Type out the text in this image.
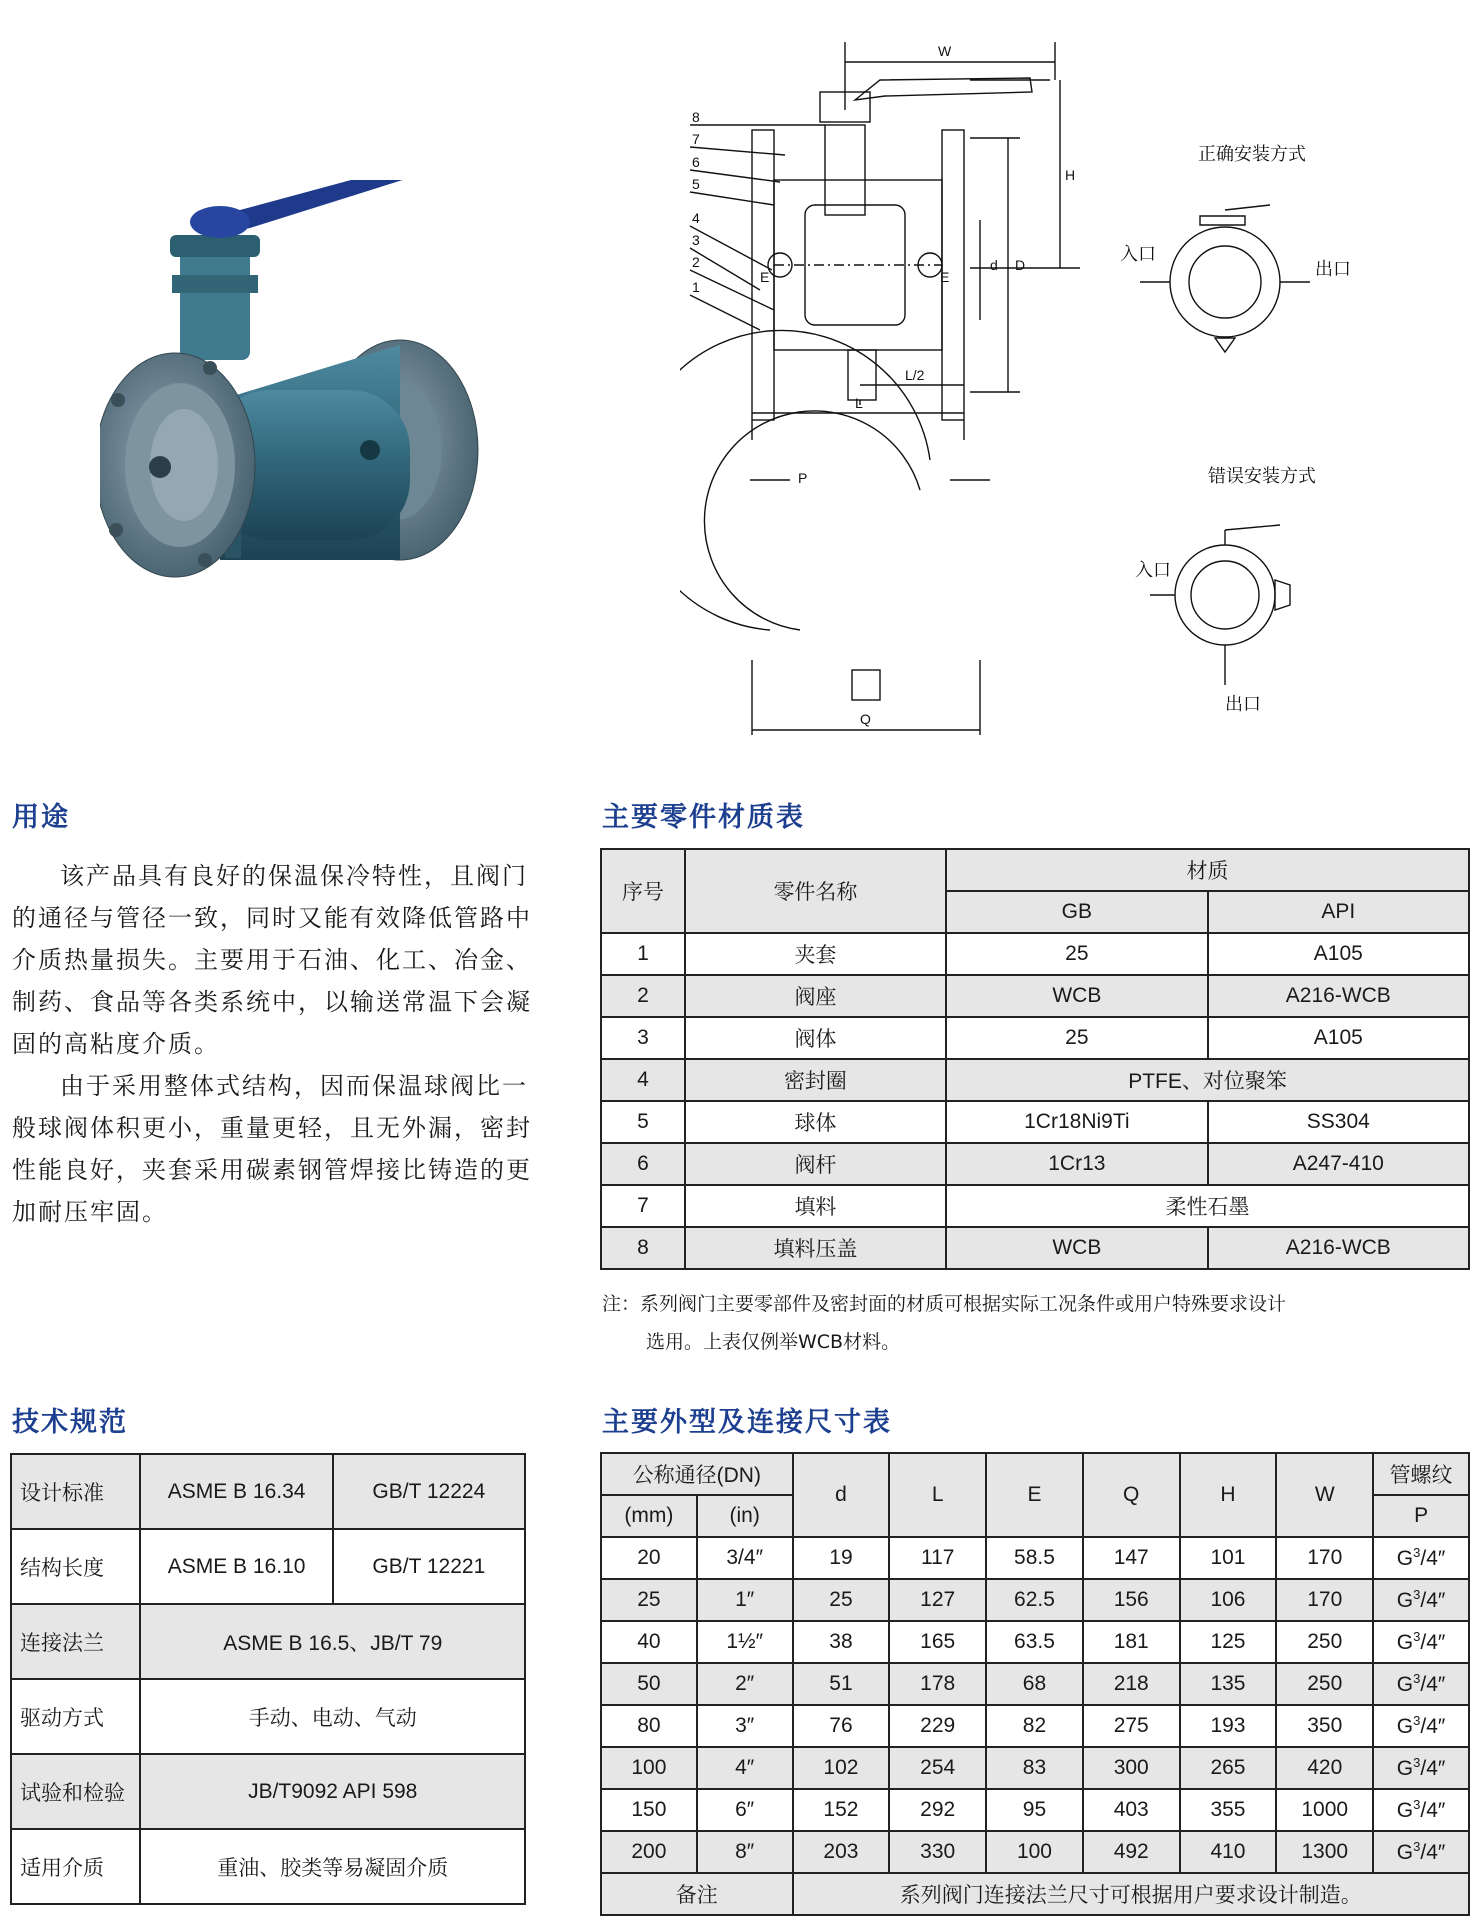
W
H
d D
E	E
L/2
L
Q
P
8
7
6
5
4
3
2
1
正确安装方式
入口
出口
错误安装方式
入口
出口
用途

该产品具有良好的保温保冷特性，且阀门的通径与管径一致，同时又能有效降低管路中介质热量损失。主要用于石油、化工、冶金、制药、食品等各类系统中，以输送常温下会凝固的高粘度介质。

由于采用整体式结构，因而保温球阀比一般球阀体积更小，重量更轻，且无外漏，密封性能良好，夹套采用碳素钢管焊接比铸造的更加耐压牢固。

主要零件材质表
序号	零件名称	材质	
		GB	API
1	夹套	25	A105
2	阀座	WCB	A216-WCB
3	阀体	25	A105
4	密封圈	PTFE、对位聚笨	
5	球体	1Cr18Ni9Ti	SS304
6	阀杆	1Cr13	A247-410
7	填料	柔性石墨	
8	填料压盖	WCB	A216-WCB
注：系列阀门主要零部件及密封面的材质可根据实际工况条件或用户特殊要求设计
选用。上表仅例举WCB材料。
技术规范
设计标准	ASME B 16.34	GB/T 12224
结构长度	ASME B 16.10	GB/T 12221
连接法兰	ASME B 16.5、JB/T 79	
驱动方式	手动、电动、气动	
试验和检验	JB/T9092 API 598	
适用介质	重油、胶类等易凝固介质	
主要外型及连接尺寸表
公称通径(DN)		d	L	E	Q	H	W	管螺纹
(mm)	(in)							P
20	3/4″	19	117	58.5	147	101	170	$G^3/4''$
25	1″	25	127	62.5	156	106	170	$G^3/4''$
40	1½″	38	165	63.5	181	125	250	$G^3/4''$
50	2″	51	178	68	218	135	250	$G^3/4''$
80	3″	76	229	82	275	193	350	$G^3/4''$
100	4″	102	254	83	300	265	420	$G^3/4''$
150	6″	152	292	95	403	355	1000	$G^3/4''$
200	8″	203	330	100	492	410	1300	$G^3/4''$
备注		系列阀门连接法兰尺寸可根据用户要求设计制造。						
